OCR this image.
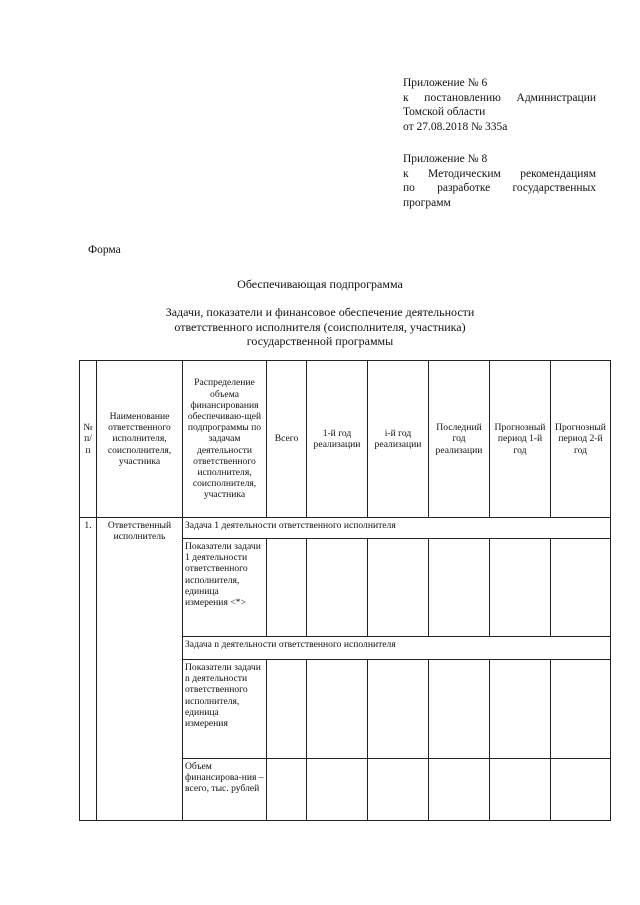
Приложение № 6
к постановлению Администрации
Томской области
от 27.08.2018 № 335а
Приложение № 8
к Методическим рекомендациям
по разработке государственных
программ
Форма
Обеспечивающая подпрограмма
Задачи, показатели и финансовое обеспечение деятельности
ответственного исполнителя (соисполнителя, участника)
государственной программы
№ п/п	Наименование ответственного исполнителя, соисполнителя, участника	Распределение объема финансирования обеспечиваю-щей подпрограммы по задачам деятельности ответственного исполнителя, соисполнителя, участника	Всего	1-й год реализации	i-й год реализации	Последний год реализации	Прогнозный период 1-й год	Прогнозный период 2-й год
1.	Ответственный исполнитель	Задача 1 деятельности ответственного исполнителя						
		Показатели задачи 1 деятельности ответственного исполнителя, единица измерения <*>						
		Задача n деятельности ответственного исполнителя						
		Показатели задачи n деятельности ответственного исполнителя, единица измерения						
		Объем финансирова-ния – всего, тыс. рублей						
